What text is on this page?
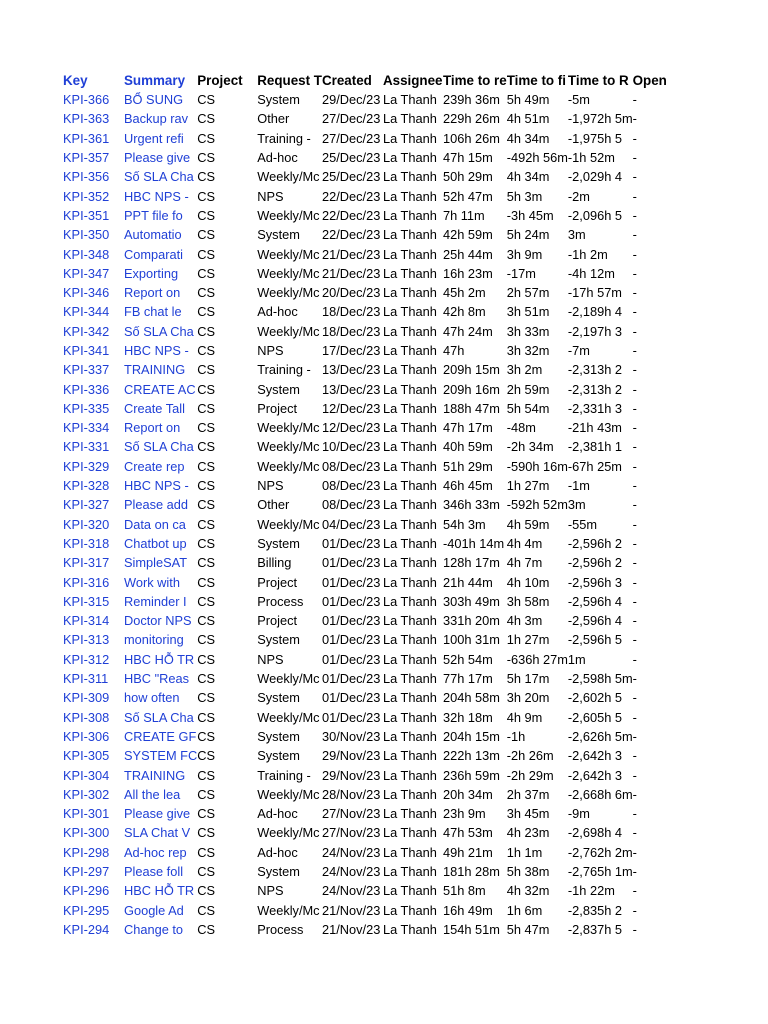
Key	Summary	Project	Request T	Created	Assignee	Time to re	Time to fi	Time to R	Open
KPI-366	BỔ SUNG	CS	System	29/Dec/23	La Thanh	239h 36m	5h 49m	-5m	-
KPI-363	Backup rav	CS	Other	27/Dec/23	La Thanh	229h 26m	4h 51m	-1,972h 5m	-
KPI-361	Urgent refi	CS	Training -	27/Dec/23	La Thanh	106h 26m	4h 34m	-1,975h 5	-
KPI-357	Please give	CS	Ad-hoc	25/Dec/23	La Thanh	47h 15m	-492h 56m	-1h 52m	-
KPI-356	Số SLA Cha	CS	Weekly/Mc	25/Dec/23	La Thanh	50h 29m	4h 34m	-2,029h 4	-
KPI-352	HBC NPS -	CS	NPS	22/Dec/23	La Thanh	52h 47m	5h 3m	-2m	-
KPI-351	PPT file fo	CS	Weekly/Mc	22/Dec/23	La Thanh	7h 11m	-3h 45m	-2,096h 5	-
KPI-350	Automatio	CS	System	22/Dec/23	La Thanh	42h 59m	5h 24m	3m	-
KPI-348	Comparati	CS	Weekly/Mc	21/Dec/23	La Thanh	25h 44m	3h 9m	-1h 2m	-
KPI-347	Exporting	CS	Weekly/Mc	21/Dec/23	La Thanh	16h 23m	-17m	-4h 12m	-
KPI-346	Report on	CS	Weekly/Mc	20/Dec/23	La Thanh	45h 2m	2h 57m	-17h 57m	-
KPI-344	FB chat le	CS	Ad-hoc	18/Dec/23	La Thanh	42h 8m	3h 51m	-2,189h 4	-
KPI-342	Số SLA Cha	CS	Weekly/Mc	18/Dec/23	La Thanh	47h 24m	3h 33m	-2,197h 3	-
KPI-341	HBC NPS -	CS	NPS	17/Dec/23	La Thanh	47h	3h 32m	-7m	-
KPI-337	TRAINING	CS	Training -	13/Dec/23	La Thanh	209h 15m	3h 2m	-2,313h 2	-
KPI-336	CREATE AC	CS	System	13/Dec/23	La Thanh	209h 16m	2h 59m	-2,313h 2	-
KPI-335	Create Tall	CS	Project	12/Dec/23	La Thanh	188h 47m	5h 54m	-2,331h 3	-
KPI-334	Report on	CS	Weekly/Mc	12/Dec/23	La Thanh	47h 17m	-48m	-21h 43m	-
KPI-331	Số SLA Cha	CS	Weekly/Mc	10/Dec/23	La Thanh	40h 59m	-2h 34m	-2,381h 1	-
KPI-329	Create rep	CS	Weekly/Mc	08/Dec/23	La Thanh	51h 29m	-590h 16m	-67h 25m	-
KPI-328	HBC NPS -	CS	NPS	08/Dec/23	La Thanh	46h 45m	1h 27m	-1m	-
KPI-327	Please add	CS	Other	08/Dec/23	La Thanh	346h 33m	-592h 52m	3m	-
KPI-320	Data on ca	CS	Weekly/Mc	04/Dec/23	La Thanh	54h 3m	4h 59m	-55m	-
KPI-318	Chatbot up	CS	System	01/Dec/23	La Thanh	-401h 14m	4h 4m	-2,596h 2	-
KPI-317	SimpleSAT	CS	Billing	01/Dec/23	La Thanh	128h 17m	4h 7m	-2,596h 2	-
KPI-316	Work with	CS	Project	01/Dec/23	La Thanh	21h 44m	4h 10m	-2,596h 3	-
KPI-315	Reminder I	CS	Process	01/Dec/23	La Thanh	303h 49m	3h 58m	-2,596h 4	-
KPI-314	Doctor NPS	CS	Project	01/Dec/23	La Thanh	331h 20m	4h 3m	-2,596h 4	-
KPI-313	monitoring	CS	System	01/Dec/23	La Thanh	100h 31m	1h 27m	-2,596h 5	-
KPI-312	HBC HỖ TR	CS	NPS	01/Dec/23	La Thanh	52h 54m	-636h 27m	1m	-
KPI-311	HBC "Reas	CS	Weekly/Mc	01/Dec/23	La Thanh	77h 17m	5h 17m	-2,598h 5m	-
KPI-309	how often	CS	System	01/Dec/23	La Thanh	204h 58m	3h 20m	-2,602h 5	-
KPI-308	Số SLA Cha	CS	Weekly/Mc	01/Dec/23	La Thanh	32h 18m	4h 9m	-2,605h 5	-
KPI-306	CREATE GF	CS	System	30/Nov/23	La Thanh	204h 15m	-1h	-2,626h 5m	-
KPI-305	SYSTEM FC	CS	System	29/Nov/23	La Thanh	222h 13m	-2h 26m	-2,642h 3	-
KPI-304	TRAINING	CS	Training -	29/Nov/23	La Thanh	236h 59m	-2h 29m	-2,642h 3	-
KPI-302	All the lea	CS	Weekly/Mc	28/Nov/23	La Thanh	20h 34m	2h 37m	-2,668h 6m	-
KPI-301	Please give	CS	Ad-hoc	27/Nov/23	La Thanh	23h 9m	3h 45m	-9m	-
KPI-300	SLA Chat V	CS	Weekly/Mc	27/Nov/23	La Thanh	47h 53m	4h 23m	-2,698h 4	-
KPI-298	Ad-hoc rep	CS	Ad-hoc	24/Nov/23	La Thanh	49h 21m	1h 1m	-2,762h 2m	-
KPI-297	Please foll	CS	System	24/Nov/23	La Thanh	181h 28m	5h 38m	-2,765h 1m	-
KPI-296	HBC HỖ TR	CS	NPS	24/Nov/23	La Thanh	51h 8m	4h 32m	-1h 22m	-
KPI-295	Google Ad	CS	Weekly/Mc	21/Nov/23	La Thanh	16h 49m	1h 6m	-2,835h 2	-
KPI-294	Change to	CS	Process	21/Nov/23	La Thanh	154h 51m	5h 47m	-2,837h 5	-
